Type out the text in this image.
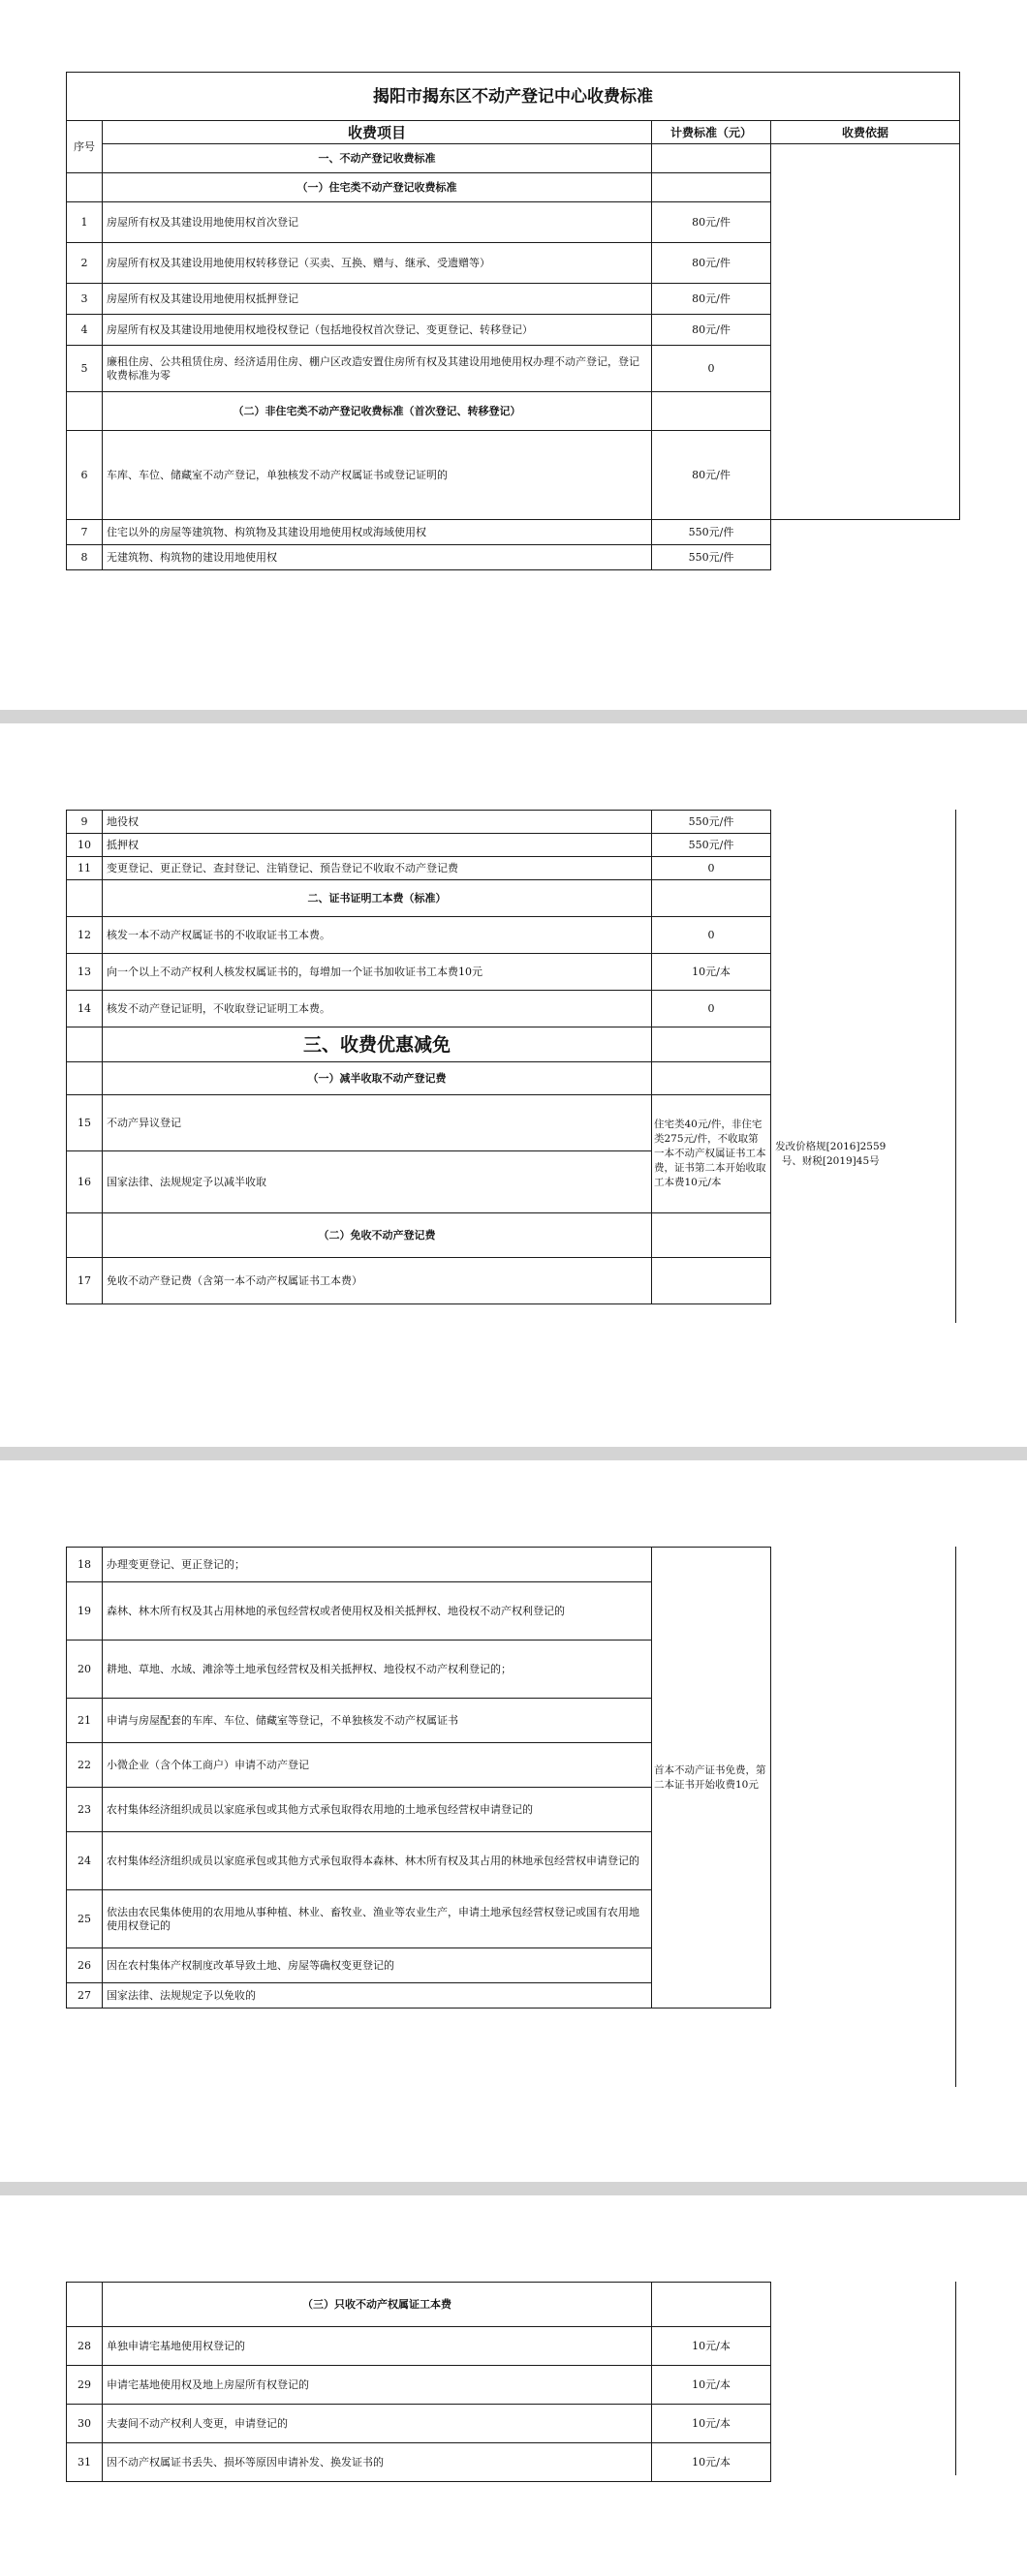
揭阳市揭东区不动产登记中心收费标准			
序号	收费项目	计费标准（元）	收费依据
	一、不动产登记收费标准		
	（一）住宅类不动产登记收费标准		
1	房屋所有权及其建设用地使用权首次登记	80元/件	
2	房屋所有权及其建设用地使用权转移登记（买卖、互换、赠与、继承、受遗赠等）	80元/件	
3	房屋所有权及其建设用地使用权抵押登记	80元/件	
4	房屋所有权及其建设用地使用权地役权登记（包括地役权首次登记、变更登记、转移登记）	80元/件	
5	廉租住房、公共租赁住房、经济适用住房、棚户区改造安置住房所有权及其建设用地使用权办理不动产登记，登记收费标准为零	0	
	（二）非住宅类不动产登记收费标准（首次登记、转移登记）		
6	车库、车位、储藏室不动产登记，单独核发不动产权属证书或登记证明的	80元/件	
7	住宅以外的房屋等建筑物、构筑物及其建设用地使用权或海域使用权	550元/件	
8	无建筑物、构筑物的建设用地使用权	550元/件	
9	地役权	550元/件	
10	抵押权	550元/件	
11	变更登记、更正登记、查封登记、注销登记、预告登记不收取不动产登记费	0	
	二、证书证明工本费（标准）		
12	核发一本不动产权属证书的不收取证书工本费。	0	
13	向一个以上不动产权利人核发权属证书的，每增加一个证书加收证书工本费10元	10元/本	
14	核发不动产登记证明，不收取登记证明工本费。	0	
	三、收费优惠减免		
	（一）减半收取不动产登记费		
15	不动产异议登记	住宅类40元/件，非住宅类275元/件，不收取第一本不动产权属证书工本费，证书第二本开始收取工本费10元/本	发改价格规[2016]2559号、财税[2019]45号
16	国家法律、法规规定予以减半收取		
	（二）免收不动产登记费		
17	免收不动产登记费（含第一本不动产权属证书工本费）		
18	办理变更登记、更正登记的；	首本不动产证书免费，第二本证书开始收费10元	
19	森林、林木所有权及其占用林地的承包经营权或者使用权及相关抵押权、地役权不动产权利登记的		
20	耕地、草地、水域、滩涂等土地承包经营权及相关抵押权、地役权不动产权利登记的；		
21	申请与房屋配套的车库、车位、储藏室等登记，不单独核发不动产权属证书		
22	小微企业（含个体工商户）申请不动产登记		
23	农村集体经济组织成员以家庭承包或其他方式承包取得农用地的土地承包经营权申请登记的		
24	农村集体经济组织成员以家庭承包或其他方式承包取得本森林、林木所有权及其占用的林地承包经营权申请登记的		
25	依法由农民集体使用的农用地从事种植、林业、畜牧业、渔业等农业生产，申请土地承包经营权登记或国有农用地使用权登记的		
26	因在农村集体产权制度改革导致土地、房屋等确权变更登记的		
27	国家法律、法规规定予以免收的		
	（三）只收不动产权属证工本费	
28	单独申请宅基地使用权登记的	10元/本
29	申请宅基地使用权及地上房屋所有权登记的	10元/本
30	夫妻间不动产权利人变更，申请登记的	10元/本
31	因不动产权属证书丢失、损坏等原因申请补发、换发证书的	10元/本
